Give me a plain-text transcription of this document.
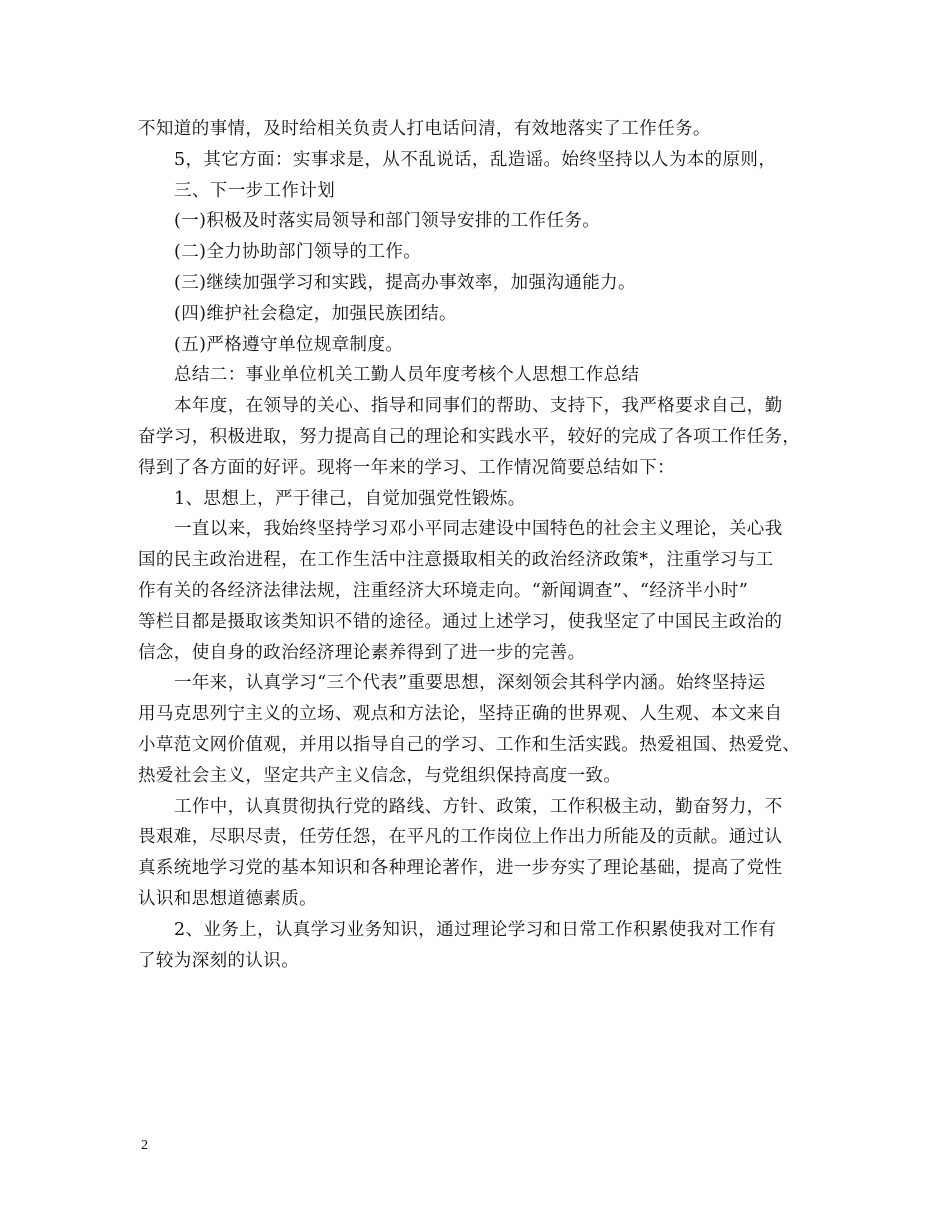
不知道的事情，及时给相关负责人打电话问清，有效地落实了工作任务。
5，其它方面：实事求是，从不乱说话，乱造谣。始终坚持以人为本的原则，
三、下一步工作计划
(一)积极及时落实局领导和部门领导安排的工作任务。
(二)全力协助部门领导的工作。
(三)继续加强学习和实践，提高办事效率，加强沟通能力。
(四)维护社会稳定，加强民族团结。
(五)严格遵守单位规章制度。
总结二：事业单位机关工勤人员年度考核个人思想工作总结
本年度，在领导的关心、指导和同事们的帮助、支持下，我严格要求自己，勤
奋学习，积极进取，努力提高自己的理论和实践水平，较好的完成了各项工作任务，
得到了各方面的好评。现将一年来的学习、工作情况简要总结如下：
1、思想上，严于律己，自觉加强党性锻炼。
一直以来，我始终坚持学习邓小平同志建设中国特色的社会主义理论，关心我
国的民主政治进程，在工作生活中注意摄取相关的政治经济政策*，注重学习与工
作有关的各经济法律法规，注重经济大环境走向。“新闻调查”、“经济半小时”
等栏目都是摄取该类知识不错的途径。通过上述学习，使我坚定了中国民主政治的
信念，使自身的政治经济理论素养得到了进一步的完善。
一年来，认真学习“三个代表”重要思想，深刻领会其科学内涵。始终坚持运
用马克思列宁主义的立场、观点和方法论，坚持正确的世界观、人生观、本文来自
小草范文网价值观，并用以指导自己的学习、工作和生活实践。热爱祖国、热爱党、
热爱社会主义，坚定共产主义信念，与党组织保持高度一致。
工作中，认真贯彻执行党的路线、方针、政策，工作积极主动，勤奋努力，不
畏艰难，尽职尽责，任劳任怨，在平凡的工作岗位上作出力所能及的贡献。通过认
真系统地学习党的基本知识和各种理论著作，进一步夯实了理论基础，提高了党性
认识和思想道德素质。
2、业务上，认真学习业务知识，通过理论学习和日常工作积累使我对工作有
了较为深刻的认识。
2
